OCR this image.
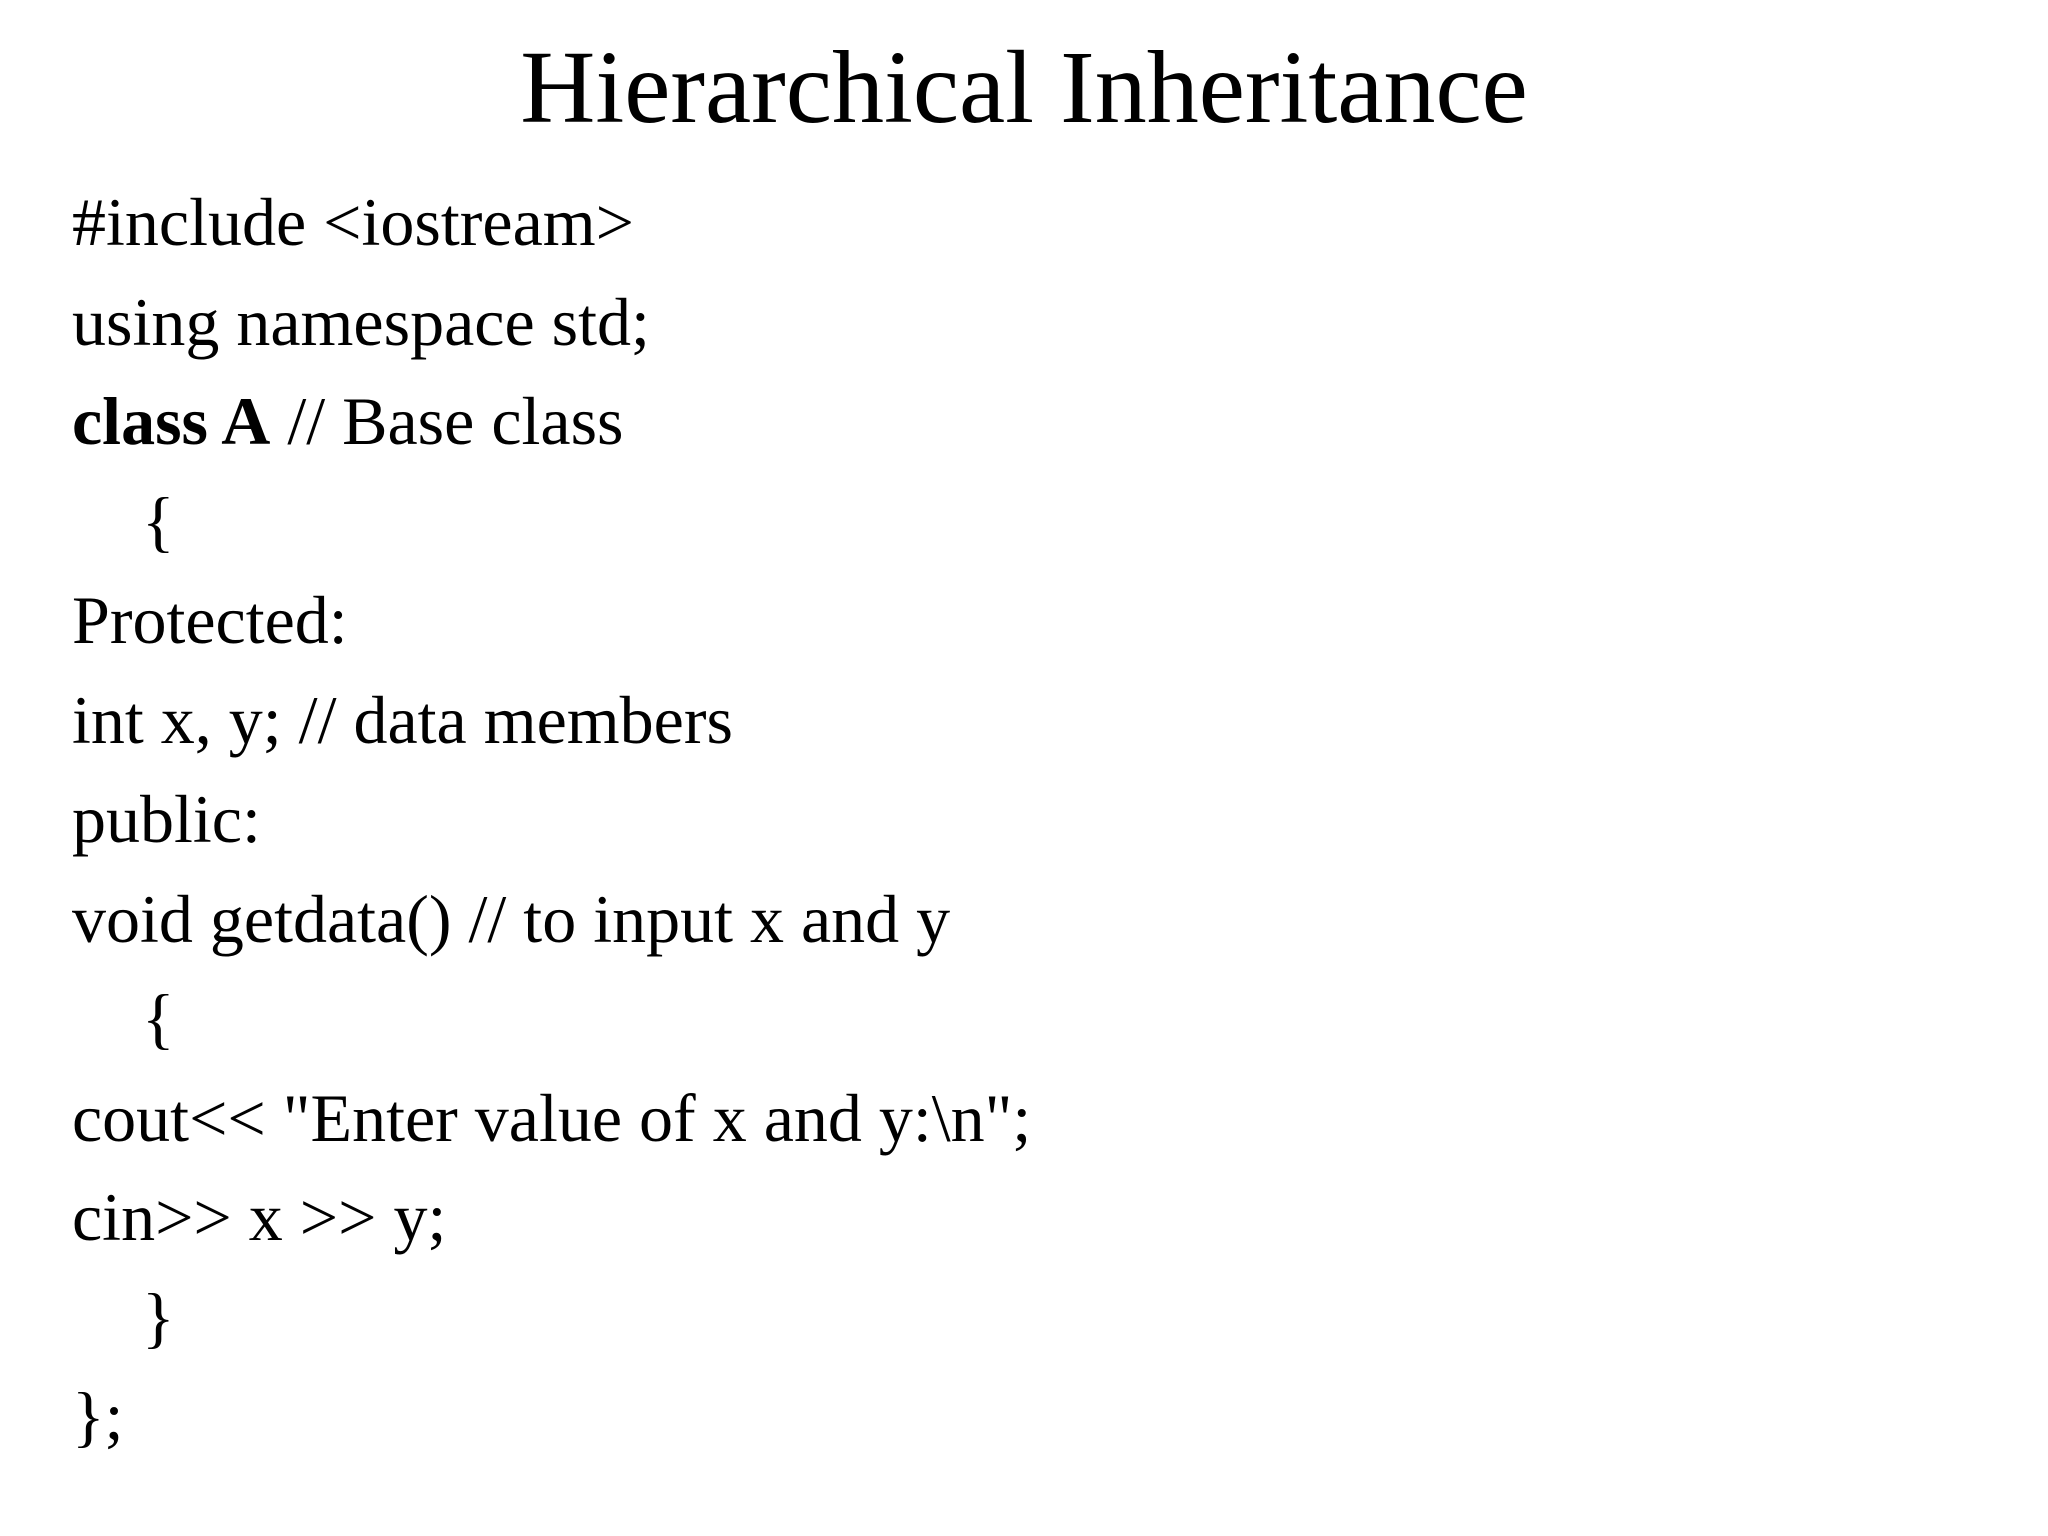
Hierarchical Inheritance
#include <iostream>
using namespace std;
class A // Base class
{
Protected:
int x, y; // data members
public:
void getdata() // to input x and y
{
cout<< "Enter value of x and y:\n";
cin>> x >> y;
}
};
